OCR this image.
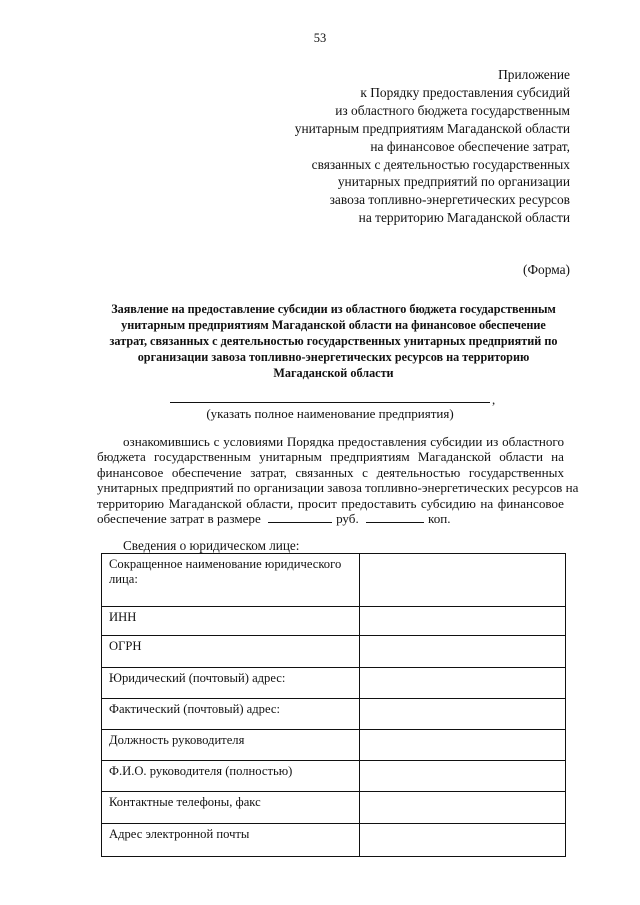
53
Приложение
к Порядку предоставления субсидий
из областного бюджета государственным
унитарным предприятиям Магаданской области
на финансовое обеспечение затрат,
связанных с деятельностью государственных
унитарных предприятий по организации
завоза топливно-энергетических ресурсов
на территорию Магаданской области
(Форма)
Заявление на предоставление субсидии из областного бюджета государственным
унитарным предприятиям Магаданской области на финансовое обеспечение
затрат, связанных с деятельностью государственных унитарных предприятий по
организации завоза топливно-энергетических ресурсов на территорию
Магаданской области
,
(указать полное наименование предприятия)
ознакомившись с условиями Порядка предоставления субсидии из областного
бюджета государственным унитарным предприятиям Магаданской области на
финансовое обеспечение затрат, связанных с деятельностью государственных
унитарных предприятий по организации завоза топливно-энергетических ресурсов на
территорию Магаданской области, просит предоставить субсидию на финансовое
обеспечение затрат в размере	руб.	коп.
Сведения о юридическом лице:
Сокращенное наименование юридического лица:	
ИНН	
ОГРН	
Юридический (почтовый) адрес:	
Фактический (почтовый) адрес:	
Должность руководителя	
Ф.И.О. руководителя (полностью)	
Контактные телефоны, факс	
Адрес электронной почты	
